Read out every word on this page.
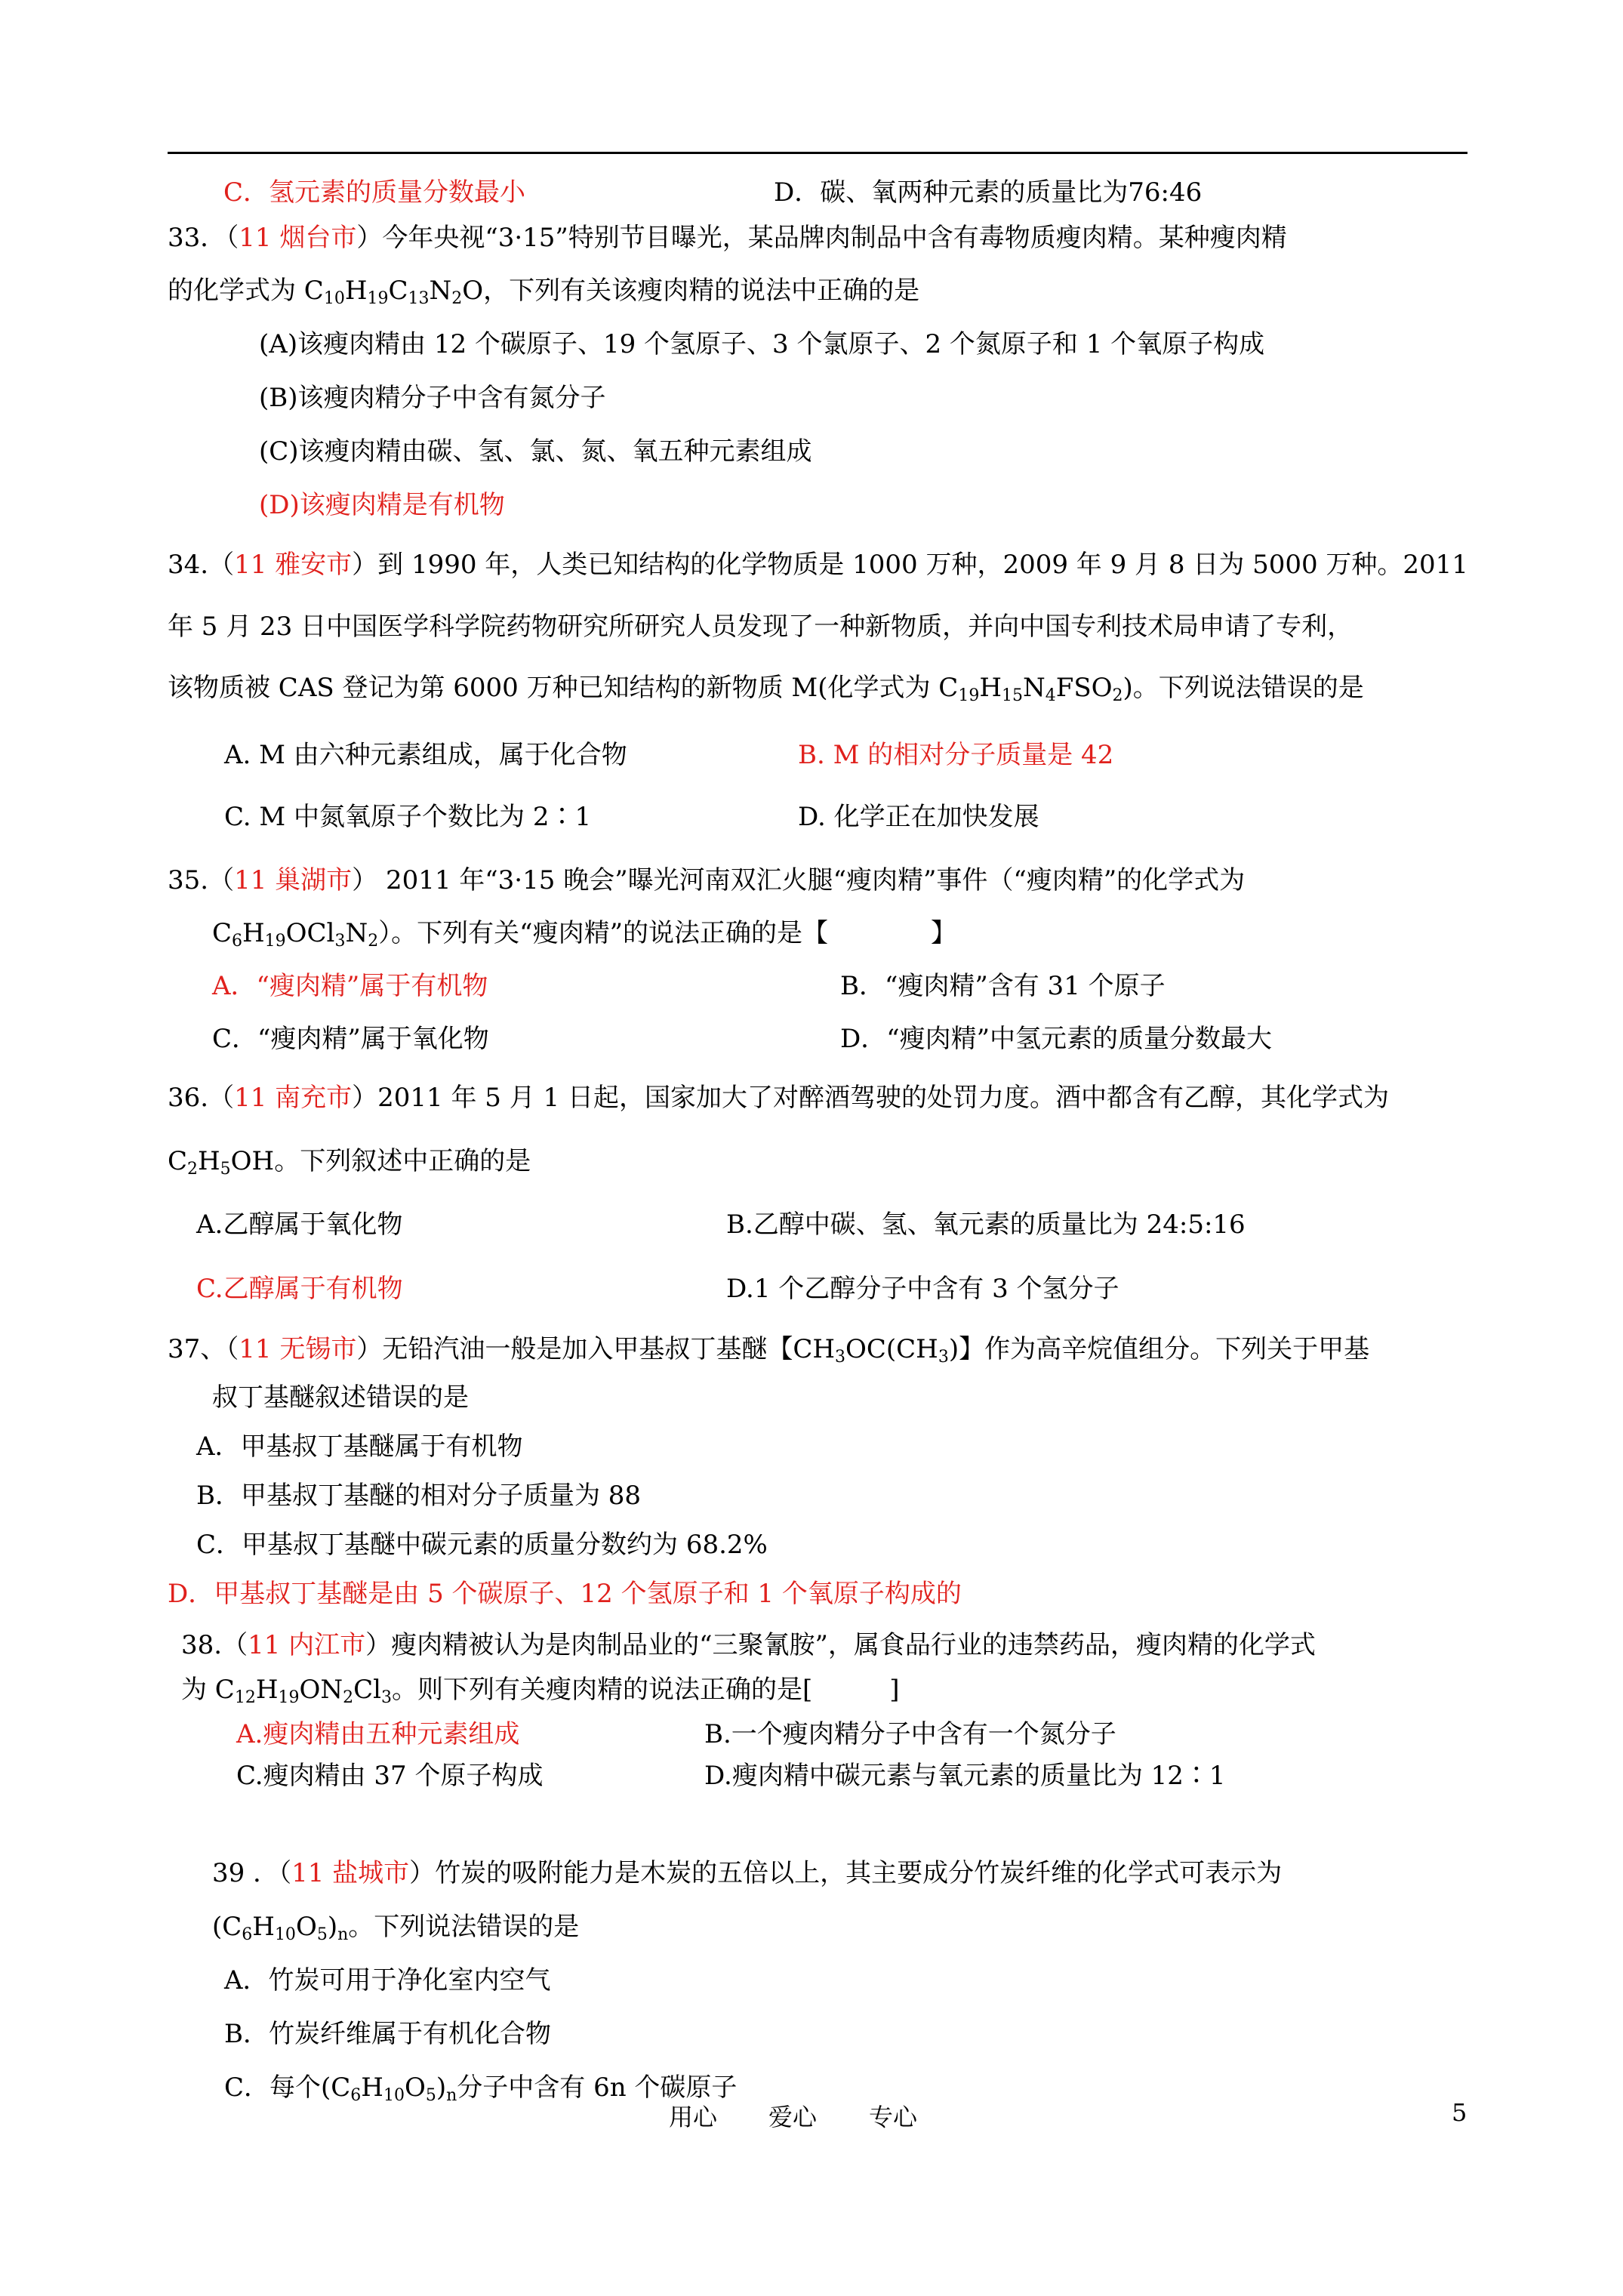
C．氢元素的质量分数最小	D．碳、氧两种元素的质量比为76:46
33．（11 烟台市）今年央视“3·15”特别节目曝光，某品牌肉制品中含有毒物质瘦肉精。某种瘦肉精
的化学式为 $C_{10}H_{19}C_{13}N_2O$，下列有关该瘦肉精的说法中正确的是
(A)该瘦肉精由 12 个碳原子、19 个氢原子、3 个氯原子、2 个氮原子和 1 个氧原子构成
(B)该瘦肉精分子中含有氮分子
(C)该瘦肉精由碳、氢、氯、氮、氧五种元素组成
(D)该瘦肉精是有机物
34.（11 雅安市）到 1990 年，人类已知结构的化学物质是 1000 万种，2009 年 9 月 8 日为 5000 万种。2011
年 5 月 23 日中国医学科学院药物研究所研究人员发现了一种新物质，并向中国专利技术局申请了专利，
该物质被 CAS 登记为第 6000 万种已知结构的新物质 M(化学式为 $C_{19}H_{15}N_4FSO_2$)。下列说法错误的是
A. M 由六种元素组成，属于化合物	B. M 的相对分子质量是 42
C. M 中氮氧原子个数比为 2∶1	D. 化学正在加快发展
35.（11 巢湖市） 2011 年“3·15 晚会”曝光河南双汇火腿“瘦肉精”事件（“瘦肉精”的化学式为
$C_6H_{19}OCl_3N_2$）。下列有关“瘦肉精”的说法正确的是【　　　　】
A．“瘦肉精”属于有机物	B．“瘦肉精”含有 31 个原子
C．“瘦肉精”属于氧化物	D．“瘦肉精”中氢元素的质量分数最大
36.（11 南充市）2011 年 5 月 1 日起，国家加大了对醉酒驾驶的处罚力度。酒中都含有乙醇，其化学式为
$C_2H_5OH$。下列叙述中正确的是
A.乙醇属于氧化物	B.乙醇中碳、氢、氧元素的质量比为 24:5:16
C.乙醇属于有机物	D.1 个乙醇分子中含有 3 个氢分子
37、（11 无锡市）无铅汽油一般是加入甲基叔丁基醚【$CH_3OC(CH_3)$】作为高辛烷值组分。下列关于甲基
叔丁基醚叙述错误的是
A．甲基叔丁基醚属于有机物
B．甲基叔丁基醚的相对分子质量为 88
C．甲基叔丁基醚中碳元素的质量分数约为 68.2%
D．甲基叔丁基醚是由 5 个碳原子、12 个氢原子和 1 个氧原子构成的
38.（11 内江市）瘦肉精被认为是肉制品业的“三聚氰胺”，属食品行业的违禁药品，瘦肉精的化学式
为 $C_{12}H_{19}ON_2Cl_3$。则下列有关瘦肉精的说法正确的是[　　　]
A.瘦肉精由五种元素组成	B.一个瘦肉精分子中含有一个氮分子
C.瘦肉精由 37 个原子构成	D.瘦肉精中碳元素与氧元素的质量比为 12∶1
39 ．（11 盐城市）竹炭的吸附能力是木炭的五倍以上，其主要成分竹炭纤维的化学式可表示为
$(C_6H_{10}O_5)_n$。下列说法错误的是
A．竹炭可用于净化室内空气
B．竹炭纤维属于有机化合物
C．每个$(C_6H_{10}O_5)_n$分子中含有 6n 个碳原子
用心 爱心 专心	5
